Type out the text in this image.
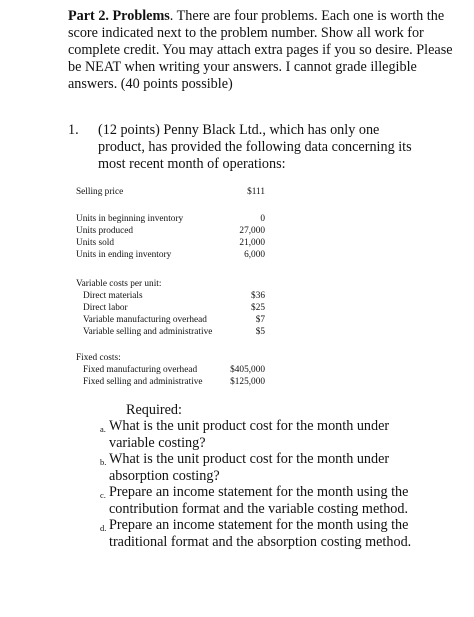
Part 2. Problems. There are four problems. Each one is worth the score indicated next to the problem number. Show all work for complete credit. You may attach extra pages if you so desire. Please be NEAT when writing your answers. I cannot grade illegible answers. (40 points possible)
1. (12 points) Penny Black Ltd., which has only one product, has provided the following data concerning its most recent month of operations:
Selling price	$111
Units in beginning inventory	0
Units produced	27,000
Units sold	21,000
Units in ending inventory	6,000
Variable costs per unit:
Direct materials	$36
Direct labor	$25
Variable manufacturing overhead	$7
Variable selling and administrative	$5
Fixed costs:
Fixed manufacturing overhead	$405,000
Fixed selling and administrative	$125,000
Required:
a. What is the unit product cost for the month under variable costing?
b. What is the unit product cost for the month under absorption costing?
c. Prepare an income statement for the month using the contribution format and the variable costing method.
d. Prepare an income statement for the month using the traditional format and the absorption costing method.
